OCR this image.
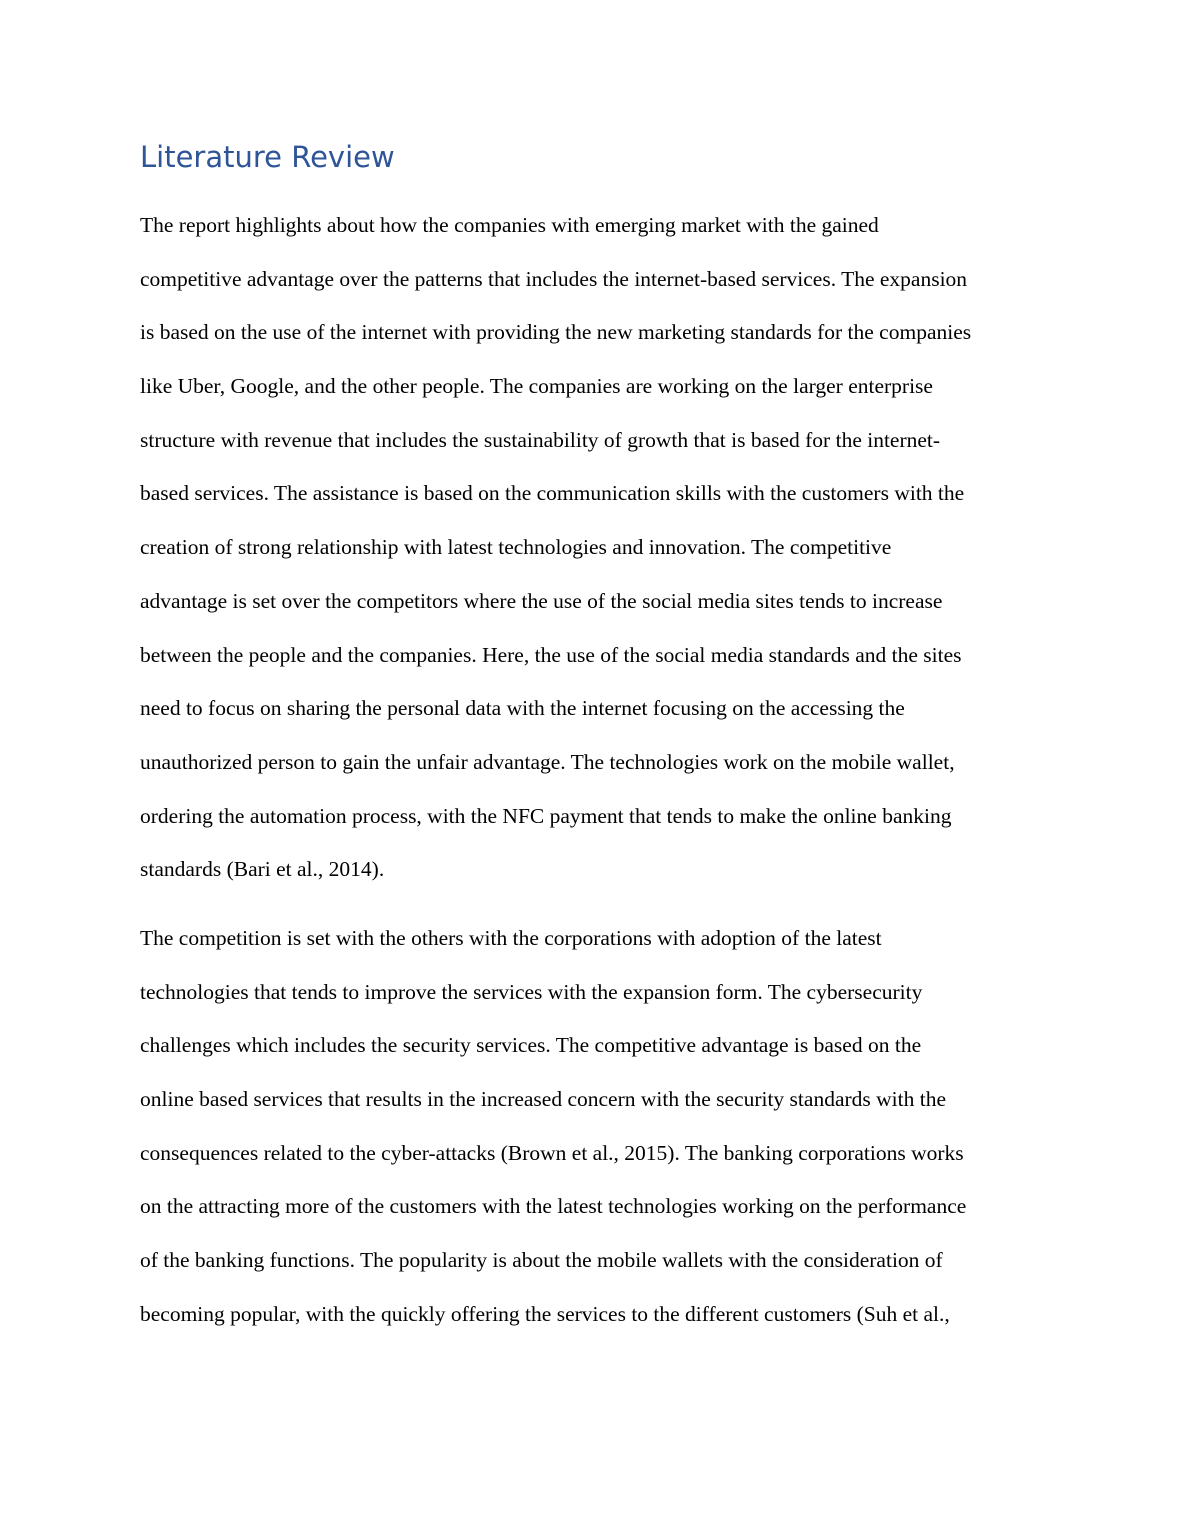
Literature Review
The report highlights about how the companies with emerging market with the gained
competitive advantage over the patterns that includes the internet-based services. The expansion
is based on the use of the internet with providing the new marketing standards for the companies
like Uber, Google, and the other people. The companies are working on the larger enterprise
structure with revenue that includes the sustainability of growth that is based for the internet-
based services. The assistance is based on the communication skills with the customers with the
creation of strong relationship with latest technologies and innovation. The competitive
advantage is set over the competitors where the use of the social media sites tends to increase
between the people and the companies. Here, the use of the social media standards and the sites
need to focus on sharing the personal data with the internet focusing on the accessing the
unauthorized person to gain the unfair advantage. The technologies work on the mobile wallet,
ordering the automation process, with the NFC payment that tends to make the online banking
standards (Bari et al., 2014).
The competition is set with the others with the corporations with adoption of the latest
technologies that tends to improve the services with the expansion form. The cybersecurity
challenges which includes the security services. The competitive advantage is based on the
online based services that results in the increased concern with the security standards with the
consequences related to the cyber-attacks (Brown et al., 2015). The banking corporations works
on the attracting more of the customers with the latest technologies working on the performance
of the banking functions. The popularity is about the mobile wallets with the consideration of
becoming popular, with the quickly offering the services to the different customers (Suh et al.,
